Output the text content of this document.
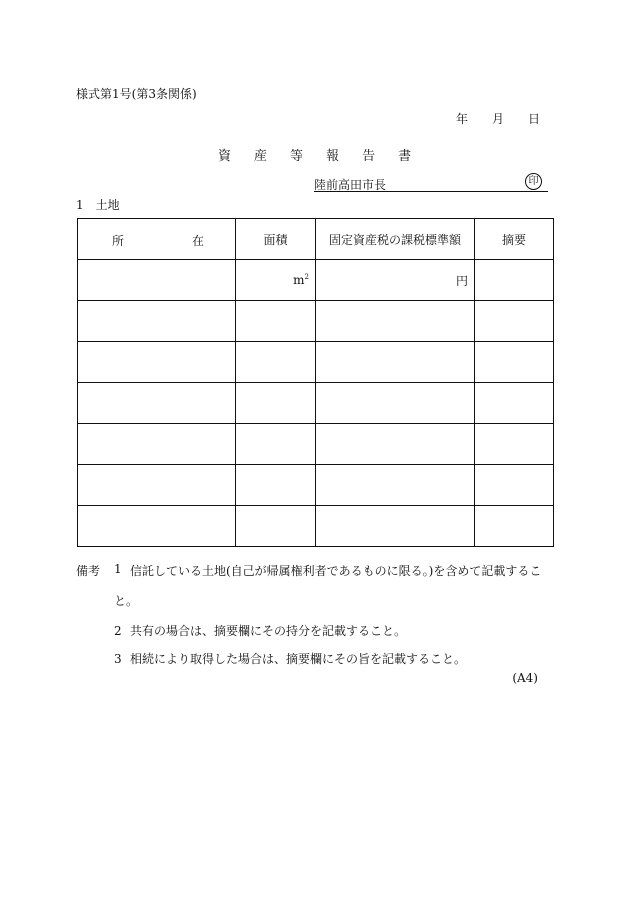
様式第1号(第3条関係)
年 月 日
資 産 等 報 告 書
陸前高田市長	印
1 土地
所 在	面積	固定資産税の課税標準額	摘要
	$m^2$	円	

備考 1 信託している土地(自己が帰属権利者であるものに限る。)を含めて記載するこ
と。
2 共有の場合は、摘要欄にその持分を記載すること。
3 相続により取得した場合は、摘要欄にその旨を記載すること。
(A4)
